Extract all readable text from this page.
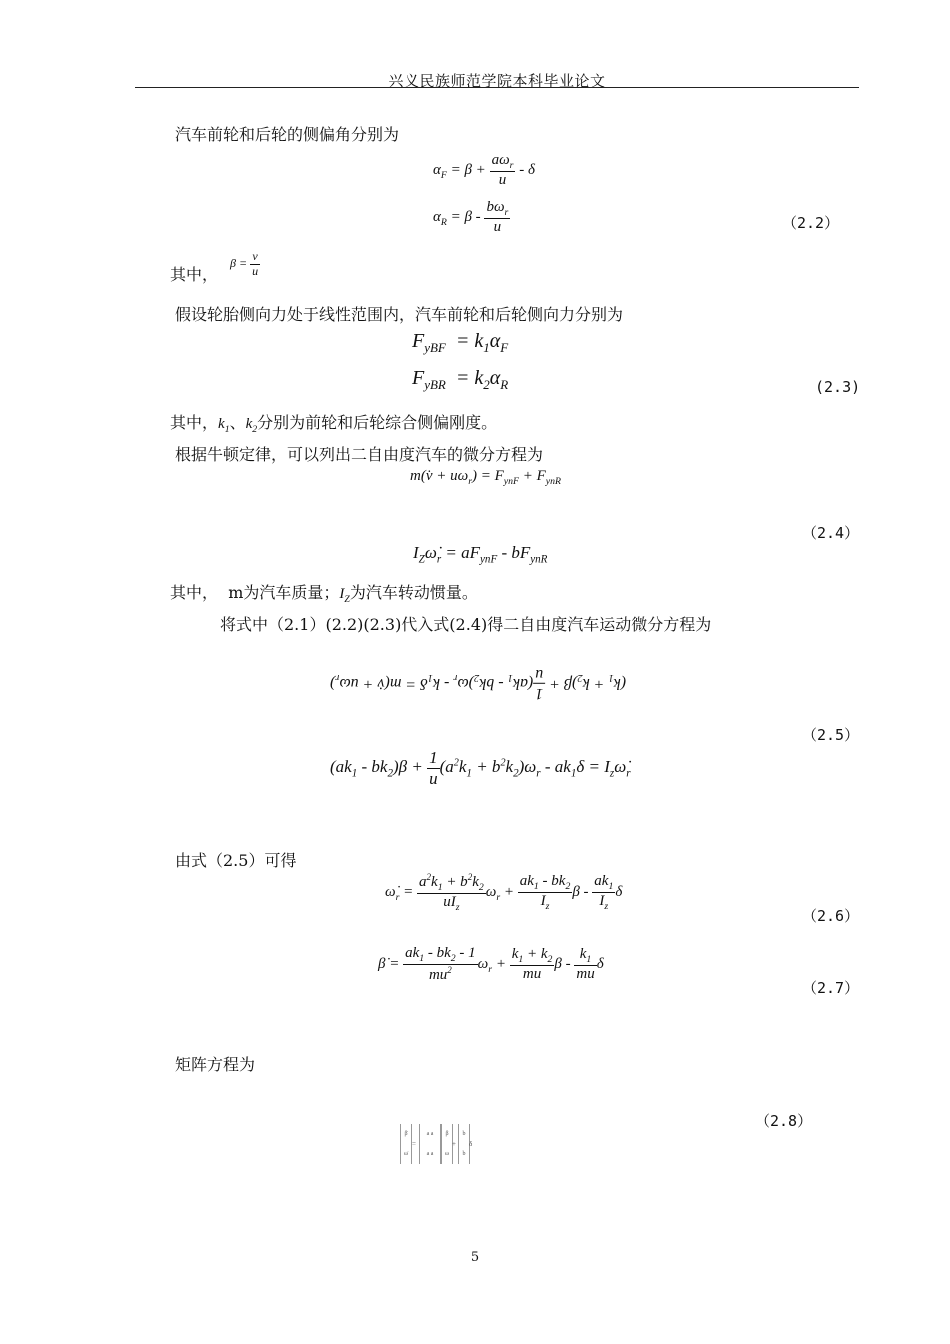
兴义民族师范学院本科毕业论文
汽车前轮和后轮的侧偏角分别为
$\alpha_F = \beta + \frac{a\omega_r}{u} - \delta$
$\alpha_R = \beta - \frac{b\omega_r}{u}$	（2.2）
其中，
$\beta = \frac{v}{u}$
假设轮胎侧向力处于线性范围内，汽车前轮和后轮侧向力分别为
$F_{yBF} = k_1\alpha_F$
$F_{yBR} = k_2\alpha_R$	(2.3)
其中，$k_1$、$k_2$分别为前轮和后轮综合侧偏刚度。
根据牛顿定律，可以列出二自由度汽车的微分方程为
m(v̇ + $u\omega_r) = F_{ynF} + F_{ynR}$
（2.4）
$I_Z\omegȧ_r = aF_{ynF} - bF_{ynR}$
其中， m为汽车质量；$I_Z$为汽车转动惯量。
将式中（2.1）(2.2)(2.3)代入式(2.4)得二自由度汽车运动微分方程为
$(k_1 + k_2)\beta$ +
1
u
$(ak_1 - bk_2)\omega_r - k_1\delta$ = m(v̇ + $u\omega_r$)
（2.5）
$(ak_1 - bk_2)\beta + \frac{1}{u} (a^2k_1 + b^2k_2)\omega_r - ak_1\delta$ = $I_z\omegȧ_r$
由式（2.5）可得
$\omegȧ_r = \frac{a^2k_1 + b^2k_2}{uI_z} \omega_r + \frac{ak_1 - bk_2}{I_z}$ β - $\frac{ak_1}{I_z}$ δ
（2.6）
β̇ = $\frac{ak_1 - bk_2 - 1}{mu^2} \omega_r + \frac{k_1 + k_2}{mu}$ β - $\frac{k_1}{mu}$ δ
（2.7）
矩阵方程为
（2.8）
β̇
ω̇
=
a a
a a
β
ω
+
b
b
δ
5
